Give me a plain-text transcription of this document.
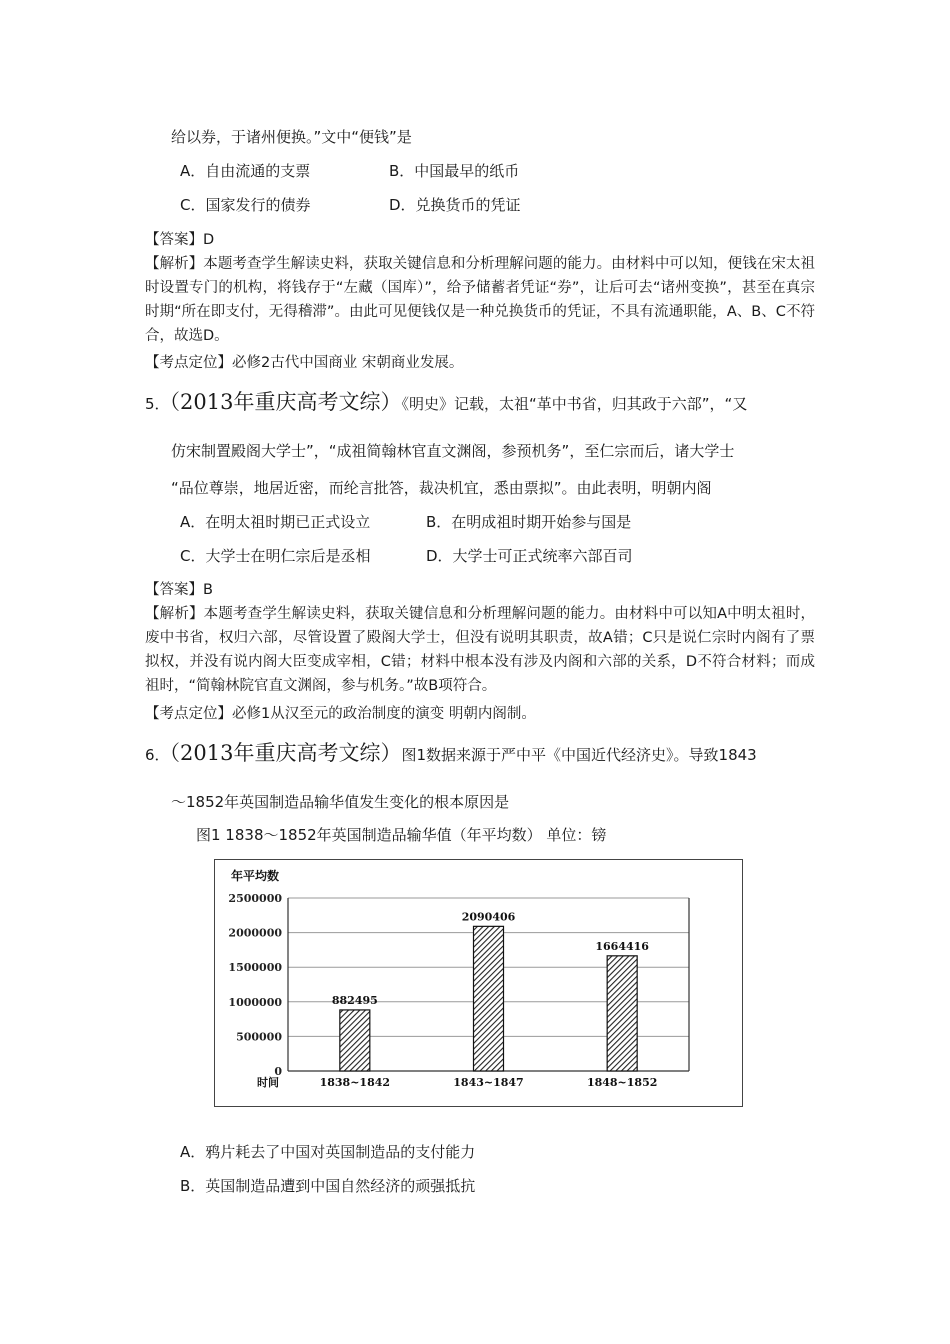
给以券，于诸州便换。”文中“便钱”是
A．自由流通的支票	B．中国最早的纸币
C．国家发行的债券	D．兑换货币的凭证
【答案】D
【解析】本题考查学生解读史料，获取关键信息和分析理解问题的能力。由材料中可以知，便钱在宋太祖时设置专门的机构，将钱存于“左藏（国库）”，给予储蓄者凭证“券”，让后可去“诸州变换”，甚至在真宗时期“所在即支付，无得稽滞”。由此可见便钱仅是一种兑换货币的凭证，不具有流通职能，A、B、C不符合，故选D。
【考点定位】必修2古代中国商业 宋朝商业发展。
5．（2013年重庆高考文综）《明史》记载，太祖“革中书省，归其政于六部”，“又
仿宋制置殿阁大学士”，“成祖简翰林官直文渊阁，参预机务”，至仁宗而后，诸大学士
“品位尊崇，地居近密，而纶言批答，裁决机宜，悉由票拟”。由此表明，明朝内阁
A．在明太祖时期已正式设立	B．在明成祖时期开始参与国是
C．大学士在明仁宗后是丞相	D．大学士可正式统率六部百司
【答案】B
【解析】本题考查学生解读史料，获取关键信息和分析理解问题的能力。由材料中可以知A中明太祖时，废中书省，权归六部，尽管设置了殿阁大学士，但没有说明其职责，故A错；C只是说仁宗时内阁有了票拟权，并没有说内阁大臣变成宰相，C错；材料中根本没有涉及内阁和六部的关系，D不符合材料；而成祖时，“简翰林院官直文渊阁，参与机务。”故B项符合。
【考点定位】必修1从汉至元的政治制度的演变 明朝内阁制。
6．（2013年重庆高考文综）图1数据来源于严中平《中国近代经济史》。导致1843
～1852年英国制造品输华值发生变化的根本原因是
图1 1838～1852年英国制造品输华值（年平均数） 单位：镑
0
500000
1000000
1500000
2000000
2500000
年平均数
时间
882495
1838~1842
2090406
1843~1847
1664416
1848~1852
A．鸦片耗去了中国对英国制造品的支付能力
B．英国制造品遭到中国自然经济的顽强抵抗
